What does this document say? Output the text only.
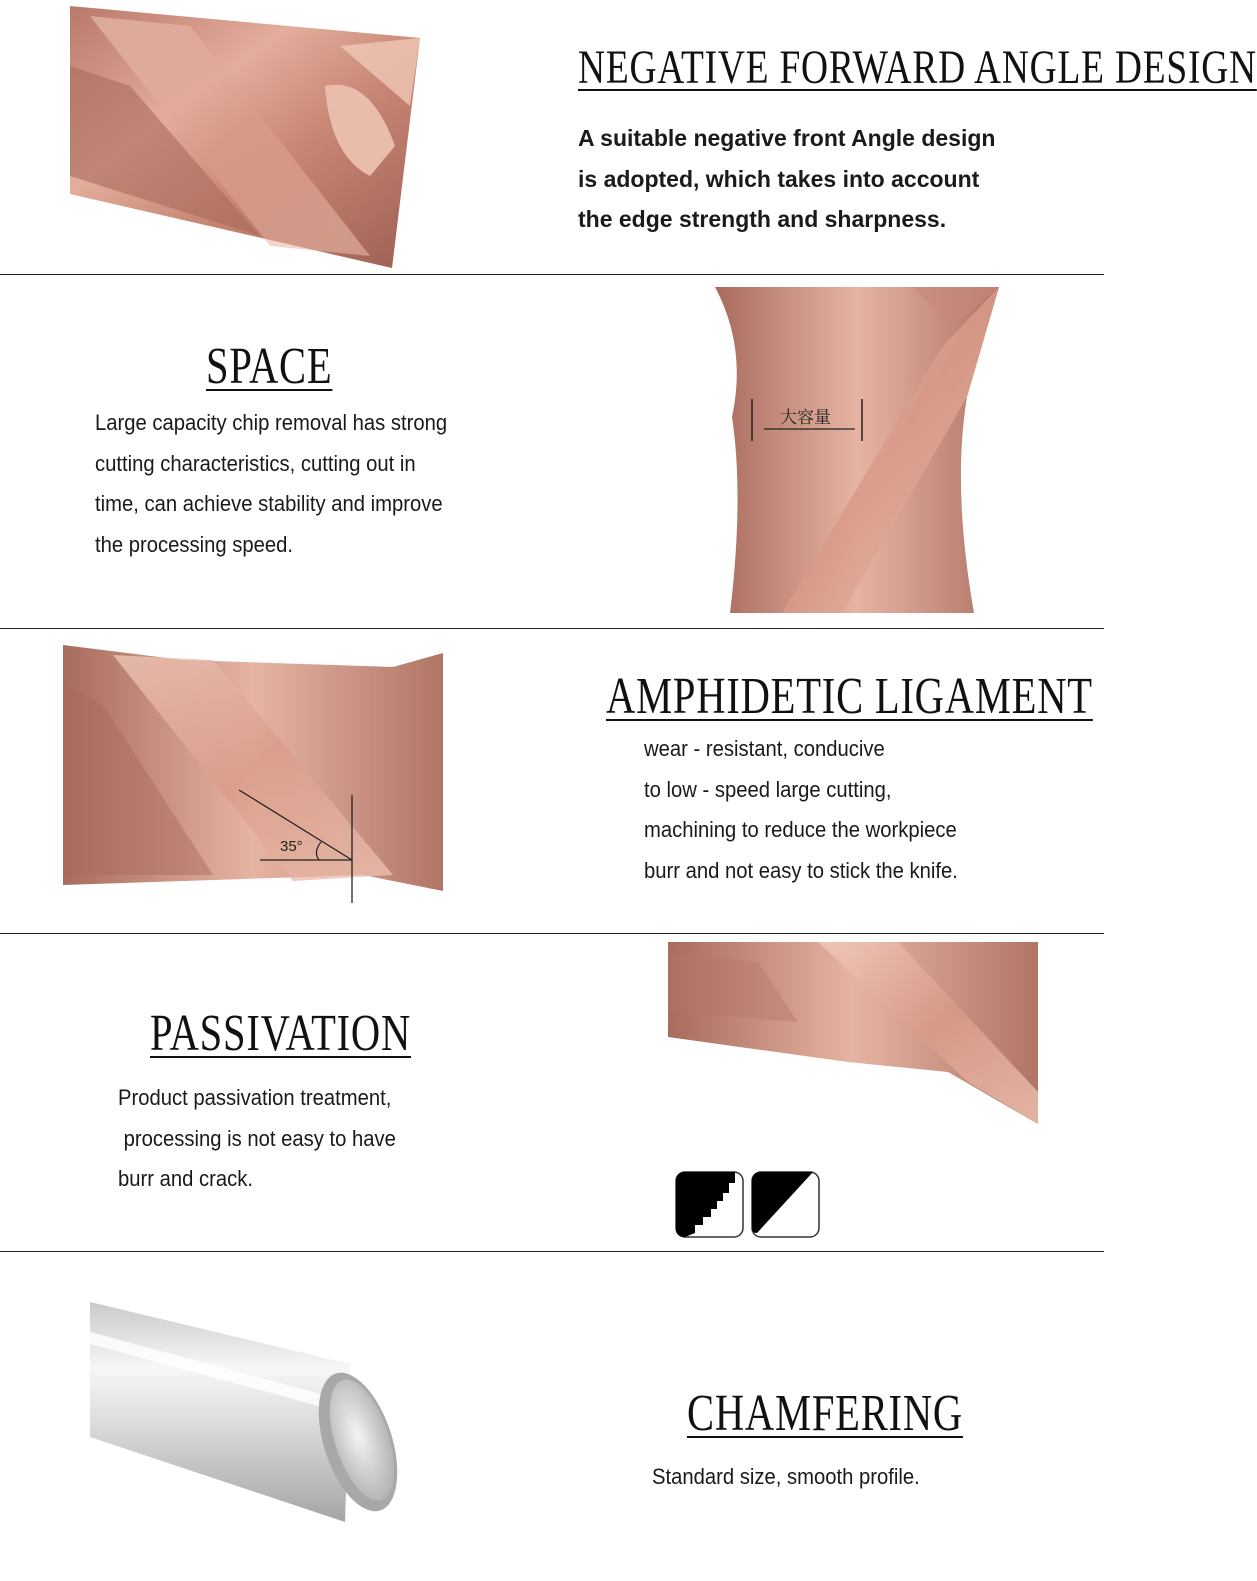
NEGATIVE FORWARD ANGLE DESIGN
A suitable negative front Angle design
is adopted, which takes into account
the edge strength and sharpness.
SPACE
Large capacity chip removal has strong
cutting characteristics, cutting out in
time, can achieve stability and improve
the processing speed.
大容量
35°
AMPHIDETIC LIGAMENT
wear - resistant, conducive
to low - speed large cutting,
machining to reduce the workpiece
burr and not easy to stick the knife.
PASSIVATION
Product passivation treatment,
processing is not easy to have
burr and crack.
CHAMFERING
Standard size, smooth profile.
